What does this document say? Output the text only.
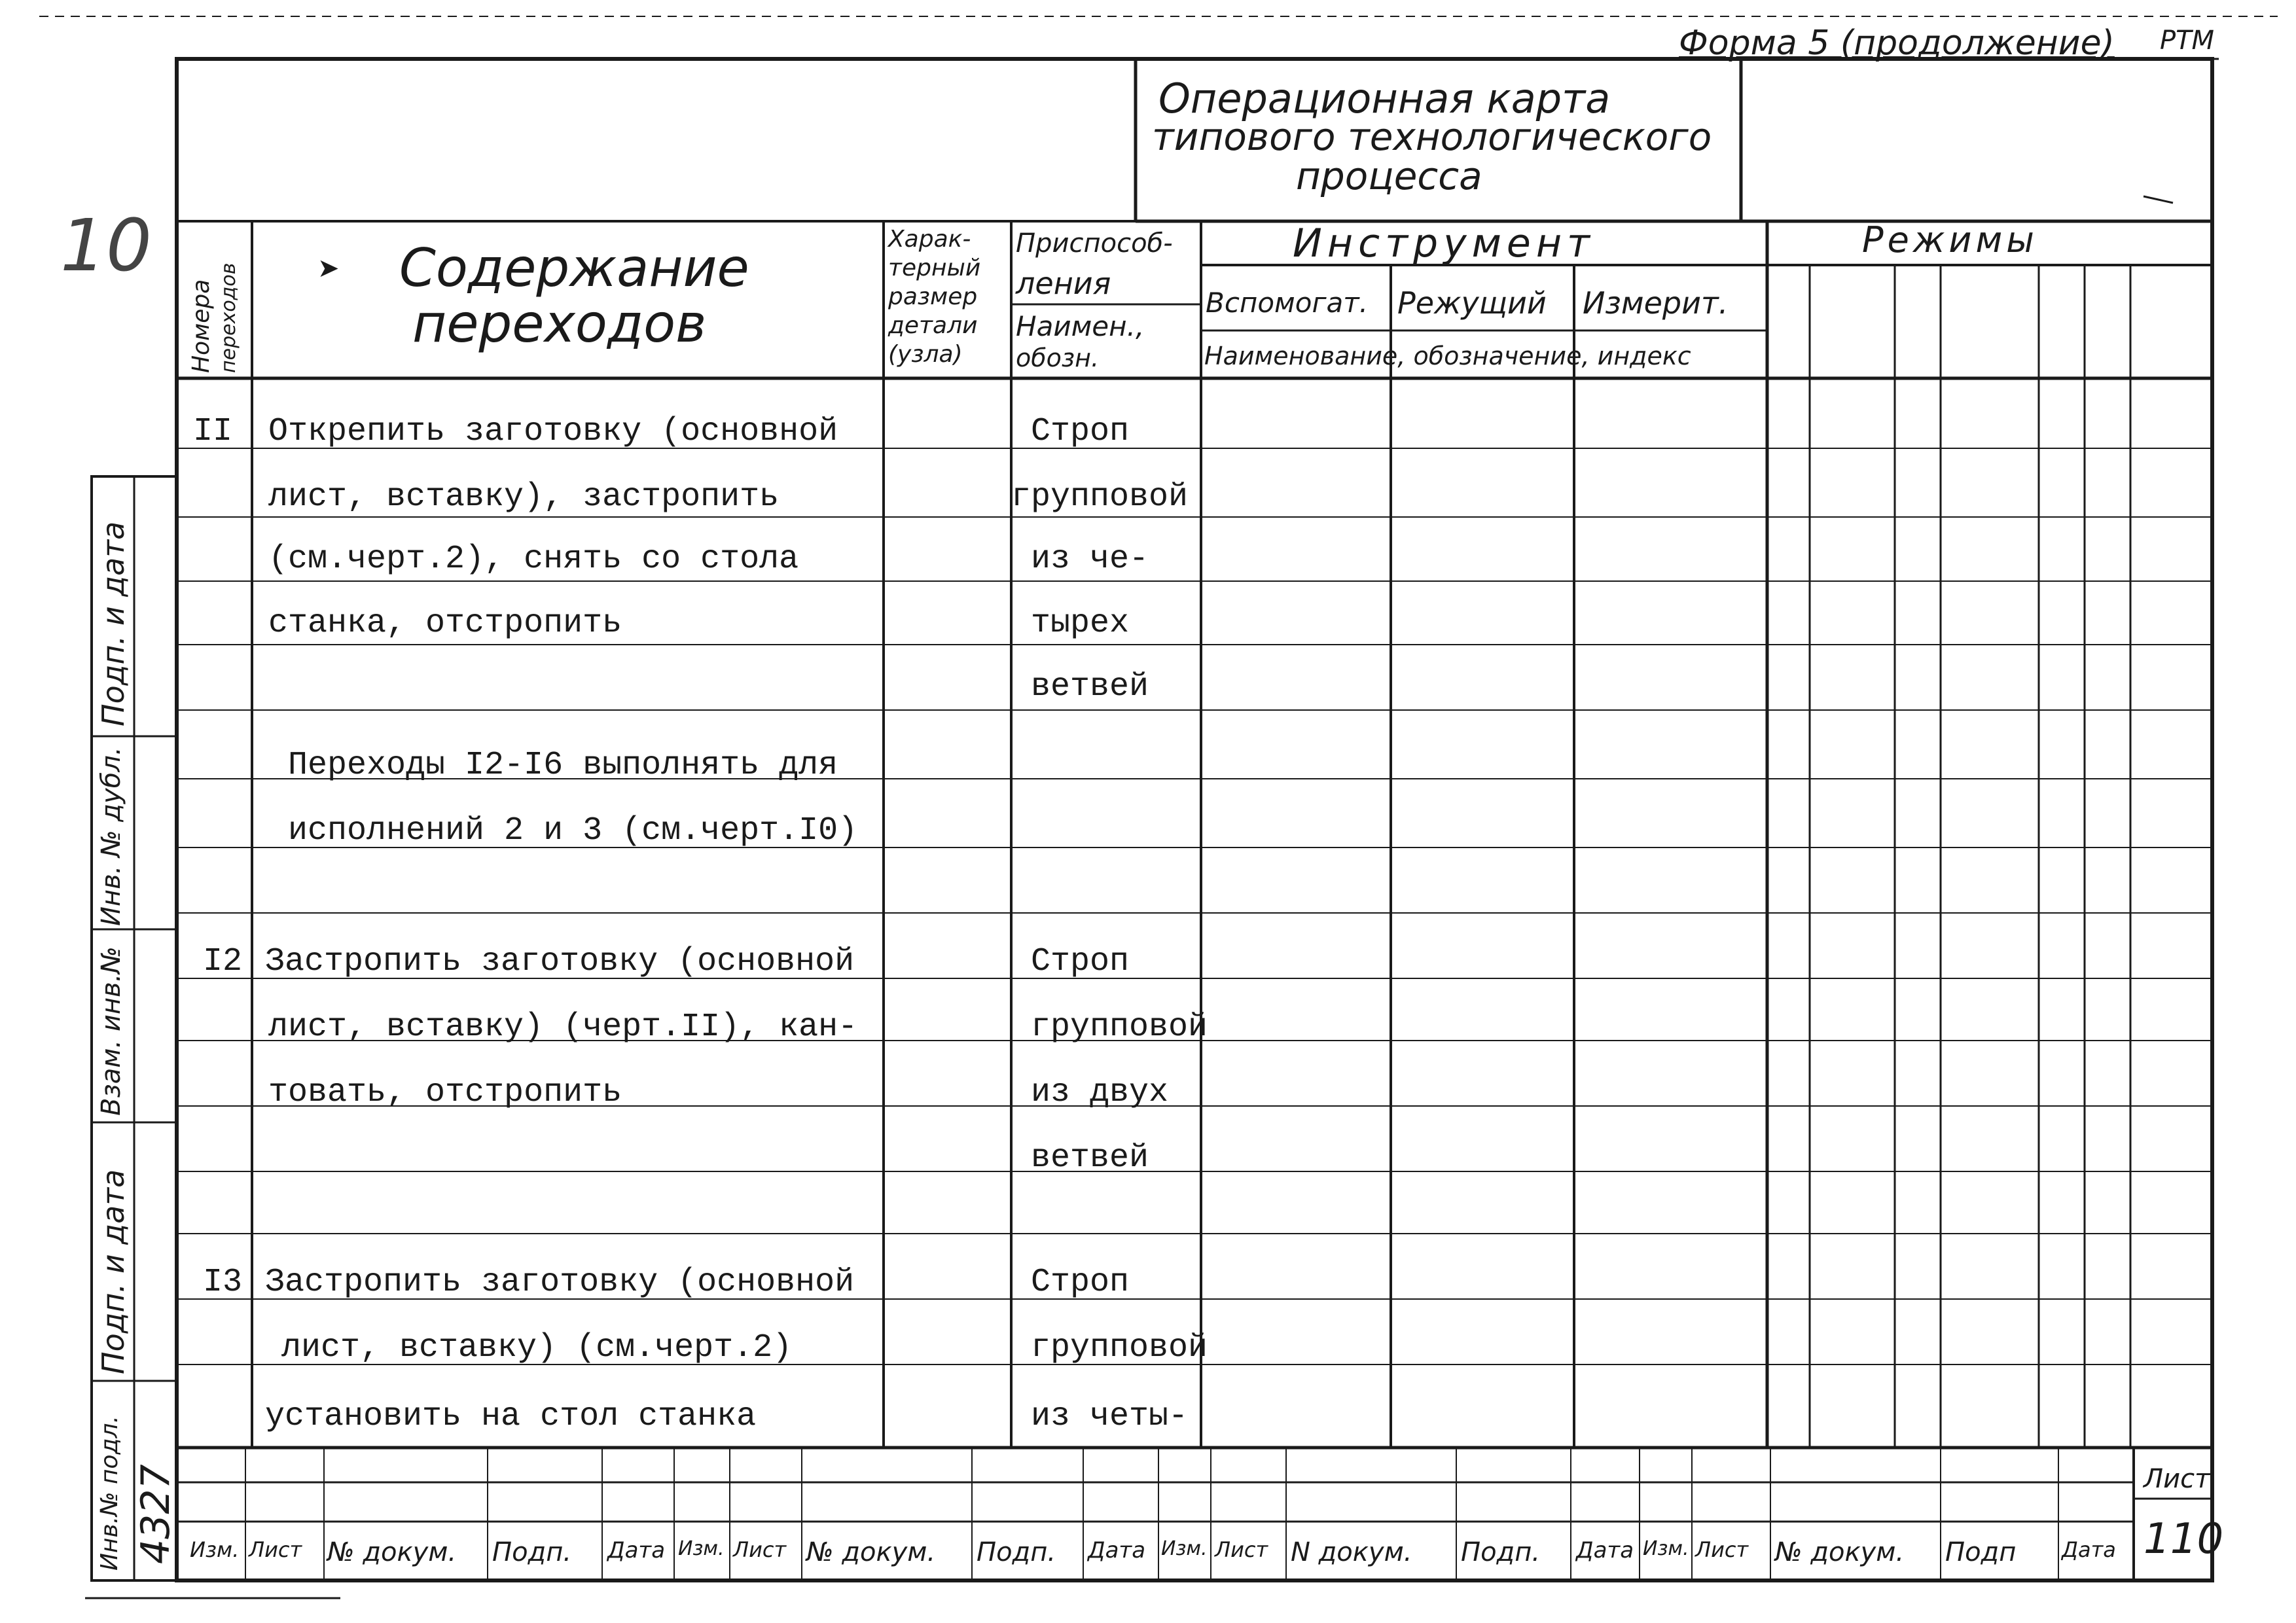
Форма 5 (продолжение) РТМ
10
Операционная карта
типового технологического
процесса
Номера переходов	➤ Содержание
переходов
Харак-
терный
размер
детали
(узла)
Приспособ-
ления
Наимен.,
обозн.
Инструмент
Вспомогат. Режущий Измерит.
Наименование, обозначение, индекс
Режимы
II Открепить заготовку (основной	Строп
лист, вставку), застропить	групповой
(см.черт.2), снять со стола	из че-
станка, отстропить	тырех
ветвей
Переходы I2-I6 выполнять для
исполнений 2 и 3 (см.черт.I0)
I2 Застропить заготовку (основной	Строп
лист, вставку) (черт.II), кан-	групповой
товать, отстропить	из двух
ветвей
I3 Застропить заготовку (основной	Строп
лист, вставку) (см.черт.2)	групповой
установить на стол станка	из четы-
Подп. и дата
Инв. № дубл.
Взам. инв.№
Подп. и дата
Инв.№ подл. 4327 Изм. Лист № докум. Подп. Дата Изм. Лист № докум. Подп. Дата Изм. Лист N докум. Подп. Дата Изм. Лист № докум. Подп Дата
Лист
110
